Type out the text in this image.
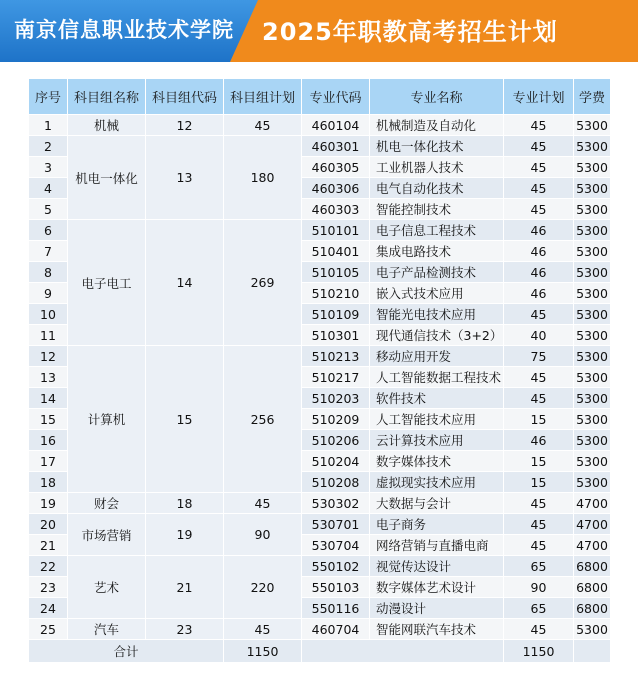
南京信息职业技术学院 2025年职教高考招生计划
序号	科目组名称	科目组代码	科目组计划	专业代码	专业名称	专业计划	学费
1	机械	12	45	460104	机械制造及自动化	45	5300
2	机电一体化	13	180	460301	机电一体化技术	45	5300
3				460305	工业机器人技术	45	5300
4				460306	电气自动化技术	45	5300
5				460303	智能控制技术	45	5300
6	电子电工	14	269	510101	电子信息工程技术	46	5300
7				510401	集成电路技术	46	5300
8				510105	电子产品检测技术	46	5300
9				510210	嵌入式技术应用	46	5300
10				510109	智能光电技术应用	45	5300
11				510301	现代通信技术（3+2）	40	5300
12	计算机	15	256	510213	移动应用开发	75	5300
13				510217	人工智能数据工程技术	45	5300
14				510203	软件技术	45	5300
15				510209	人工智能技术应用	15	5300
16				510206	云计算技术应用	46	5300
17				510204	数字媒体技术	15	5300
18				510208	虚拟现实技术应用	15	5300
19	财会	18	45	530302	大数据与会计	45	4700
20	市场营销	19	90	530701	电子商务	45	4700
21				530704	网络营销与直播电商	45	4700
22	艺术	21	220	550102	视觉传达设计	65	6800
23				550103	数字媒体艺术设计	90	6800
24				550116	动漫设计	65	6800
25	汽车	23	45	460704	智能网联汽车技术	45	5300
合计			1150			1150	
